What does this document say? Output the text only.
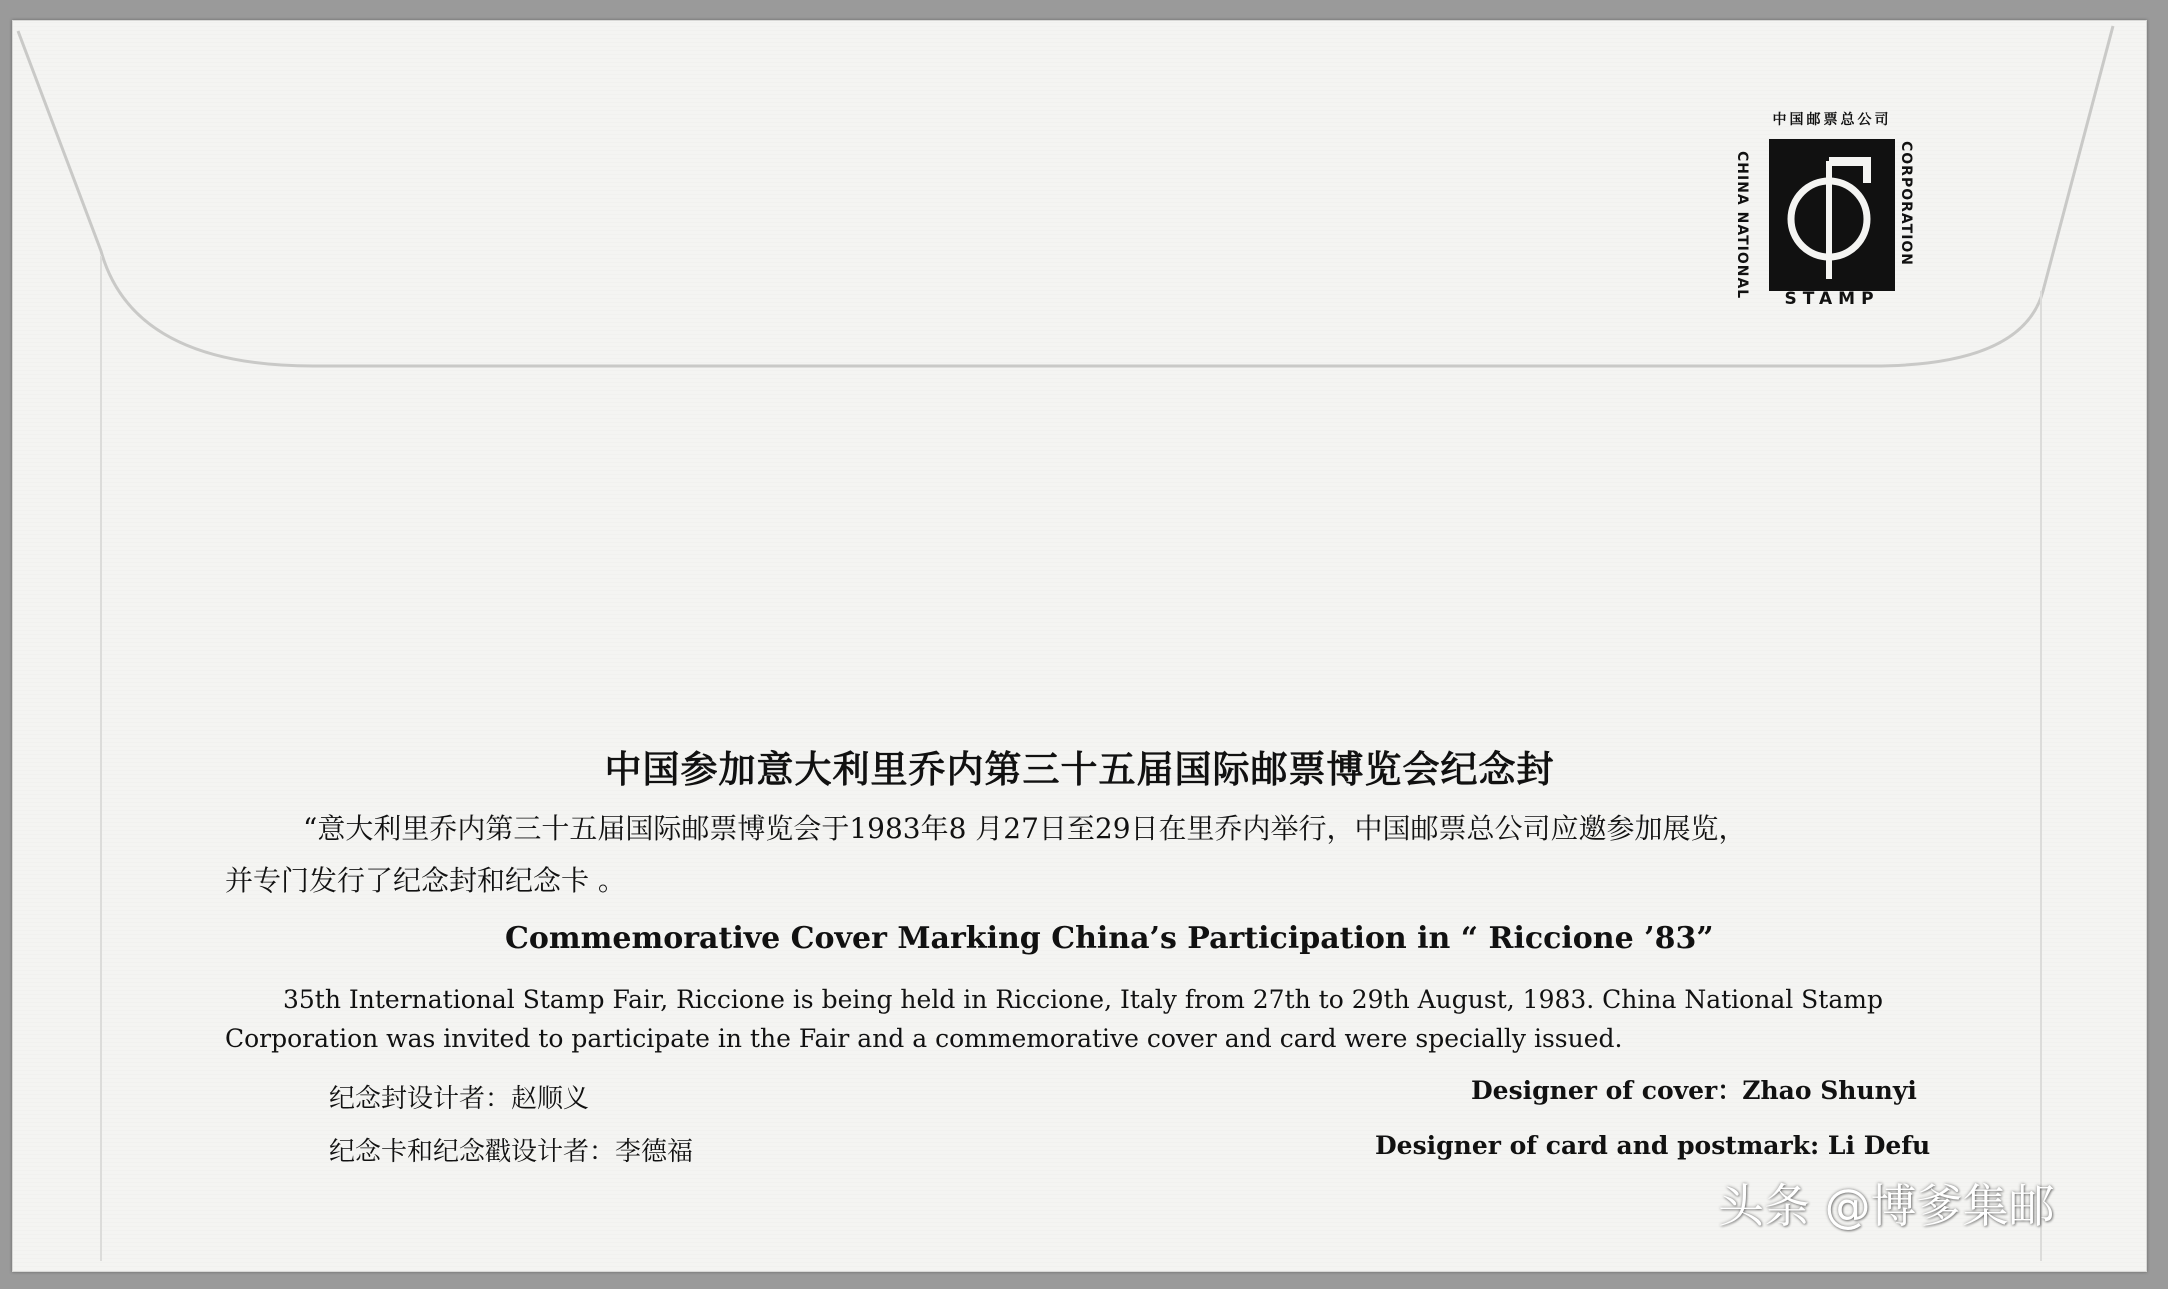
中国邮票总公司
CHINA NATIONAL	CORPORATION
STAMP
中国参加意大利里乔内第三十五届国际邮票博览会纪念封
“意大利里乔内第三十五届国际邮票博览会于1983年8 月27日至29日在里乔内举行，中国邮票总公司应邀参加展览，
并专门发行了纪念封和纪念卡 。
Commemorative Cover Marking China’s Participation in “ Riccione ’83”
35th International Stamp Fair, Riccione is being held in Riccione, Italy from 27th to 29th August, 1983. China National Stamp
Corporation was invited to participate in the Fair and a commemorative cover and card were specially issued.
纪念封设计者：赵顺义
纪念卡和纪念戳设计者：李德福
Designer of cover：Zhao Shunyi
Designer of card and postmark: Li Defu
头条 @博爹集邮
